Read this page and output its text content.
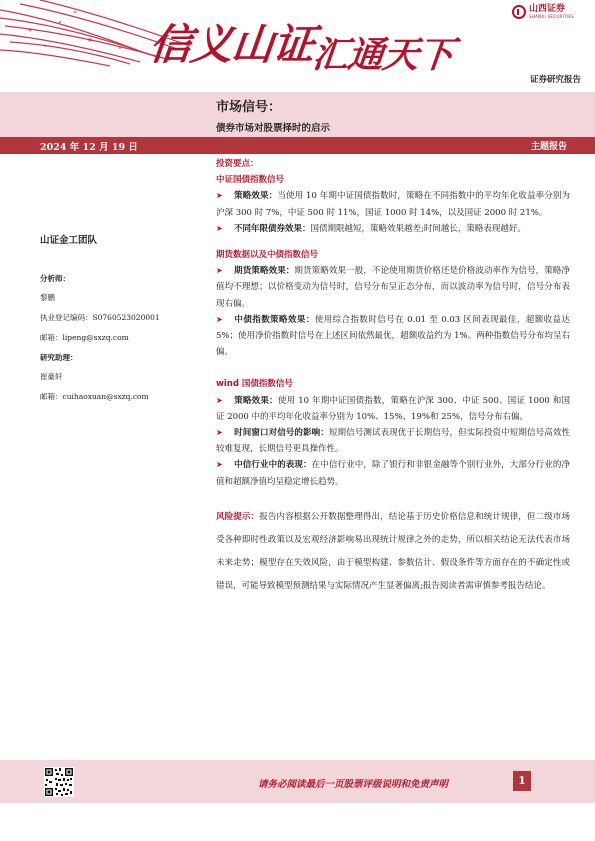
信义山证汇通天下
山西证券
SHANXI SECURITIES
证券研究报告
市场信号：
债券市场对股票择时的启示
2024 年 12 月 19 日	主题报告
山证金工团队
分析师：
黎鹏
执业登记编码：S0760523020001
邮箱：lipeng@sxzq.com
研究助理：
崔豪轩
邮箱：cuihaoxuan@sxzq.com
投资要点：
中证国债指数信号
➤ 策略效果：当使用 10 年期中证国债指数时，策略在不同指数中的平均年化收益率分别为沪深 300 时 7%，中证 500 时 11%，国证 1000 时 14%，以及国证 2000 时 21%。
➤ 不同年限债券效果：国债期限越短，策略效果越差;时间越长，策略表现越好。
期货数据以及中债指数信号
➤ 期货策略效果：期货策略效果一般，不论使用期货价格还是价格波动率作为信号，策略净值均不理想；以价格变动为信号时，信号分布呈正态分布，而以波动率为信号时，信号分布表现右偏。
➤ 中债指数策略效果：使用综合指数时信号在 0.01 至 0.03 区间表现最佳，超额收益达 5%；使用净价指数时信号在上述区间依然最优，超额收益约为 1%。两种指数信号分布均呈右偏。
wind 国债指数信号
➤ 策略效果：使用 10 年期中证国债指数，策略在沪深 300、中证 500、国证 1000 和国证 2000 中的平均年化收益率分别为 10%、15%、19%和 25%，信号分布右偏。
➤ 时间窗口对信号的影响：短期信号测试表现优于长期信号，但实际投资中短期信号高效性较难复现，长期信号更具操作性。
➤ 中信行业中的表现：在中信行业中，除了银行和非银金融等个别行业外，大部分行业的净值和超额净值均呈稳定增长趋势。
风险提示：报告内容根据公开数据整理得出，结论基于历史价格信息和统计规律，但二级市场受各种即时性政策以及宏观经济影响易出现统计规律之外的走势，所以相关结论无法代表市场未来走势；模型存在失效风险，由于模型构建、参数估计、假设条件等方面存在的不确定性或错误，可能导致模型预测结果与实际情况产生显著偏离;报告阅读者需审慎参考报告结论。
请务必阅读最后一页股票评级说明和免责声明	1
